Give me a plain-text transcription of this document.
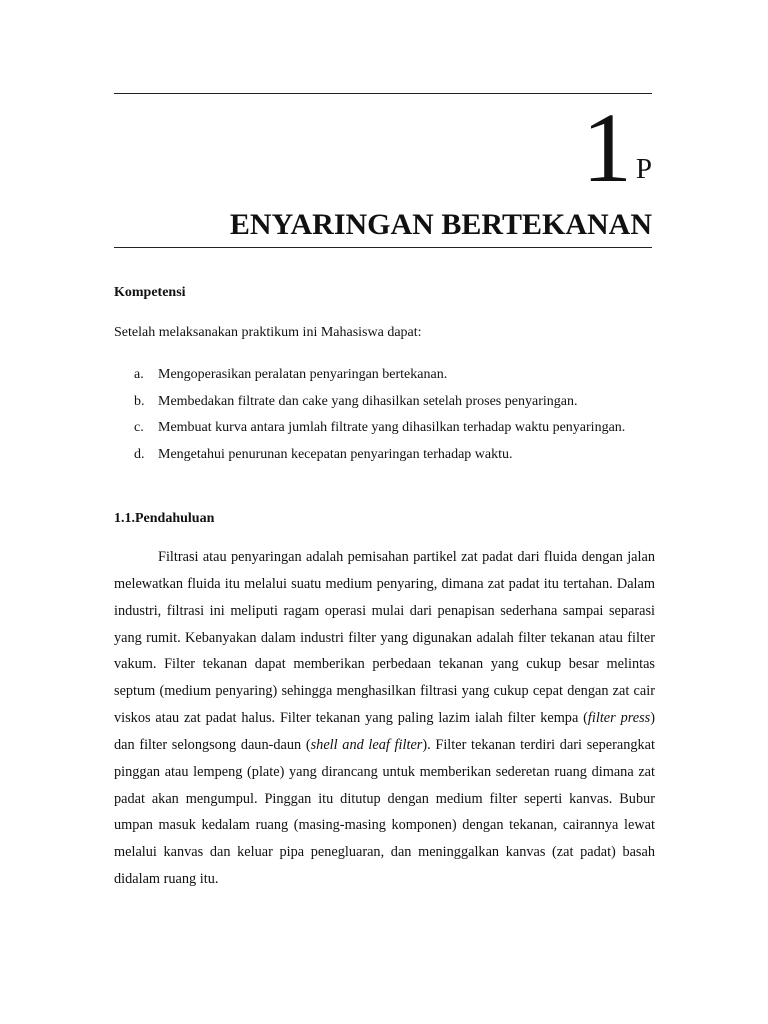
1 P
ENYARINGAN BERTEKANAN
Kompetensi
Setelah melaksanakan praktikum ini Mahasiswa dapat:
a.	Mengoperasikan peralatan penyaringan bertekanan.
b. Membedakan filtrate dan cake yang dihasilkan setelah proses penyaringan.
c.	Membuat kurva antara jumlah filtrate yang dihasilkan terhadap waktu penyaringan.
d. Mengetahui penurunan kecepatan penyaringan terhadap waktu.
1.1.Pendahuluan

Filtrasi atau penyaringan adalah pemisahan partikel zat padat dari fluida dengan jalan melewatkan fluida itu melalui suatu medium penyaring, dimana zat padat itu tertahan. Dalam industri, filtrasi ini meliputi ragam operasi mulai dari penapisan sederhana sampai separasi yang rumit. Kebanyakan dalam industri filter yang digunakan adalah filter tekanan atau filter vakum. Filter tekanan dapat memberikan perbedaan tekanan yang cukup besar melintas septum (medium penyaring) sehingga menghasilkan filtrasi yang cukup cepat dengan zat cair viskos atau zat padat halus. Filter tekanan yang paling lazim ialah filter kempa (filter press) dan filter selongsong daun-daun (shell and leaf filter). Filter tekanan terdiri dari seperangkat pinggan atau lempeng (plate) yang dirancang untuk memberikan sederetan ruang dimana zat padat akan mengumpul. Pinggan itu ditutup dengan medium filter seperti kanvas. Bubur umpan masuk kedalam ruang (masing-masing komponen) dengan tekanan, cairannya lewat melalui kanvas dan keluar pipa penegluaran, dan meninggalkan kanvas (zat padat) basah didalam ruang itu.
